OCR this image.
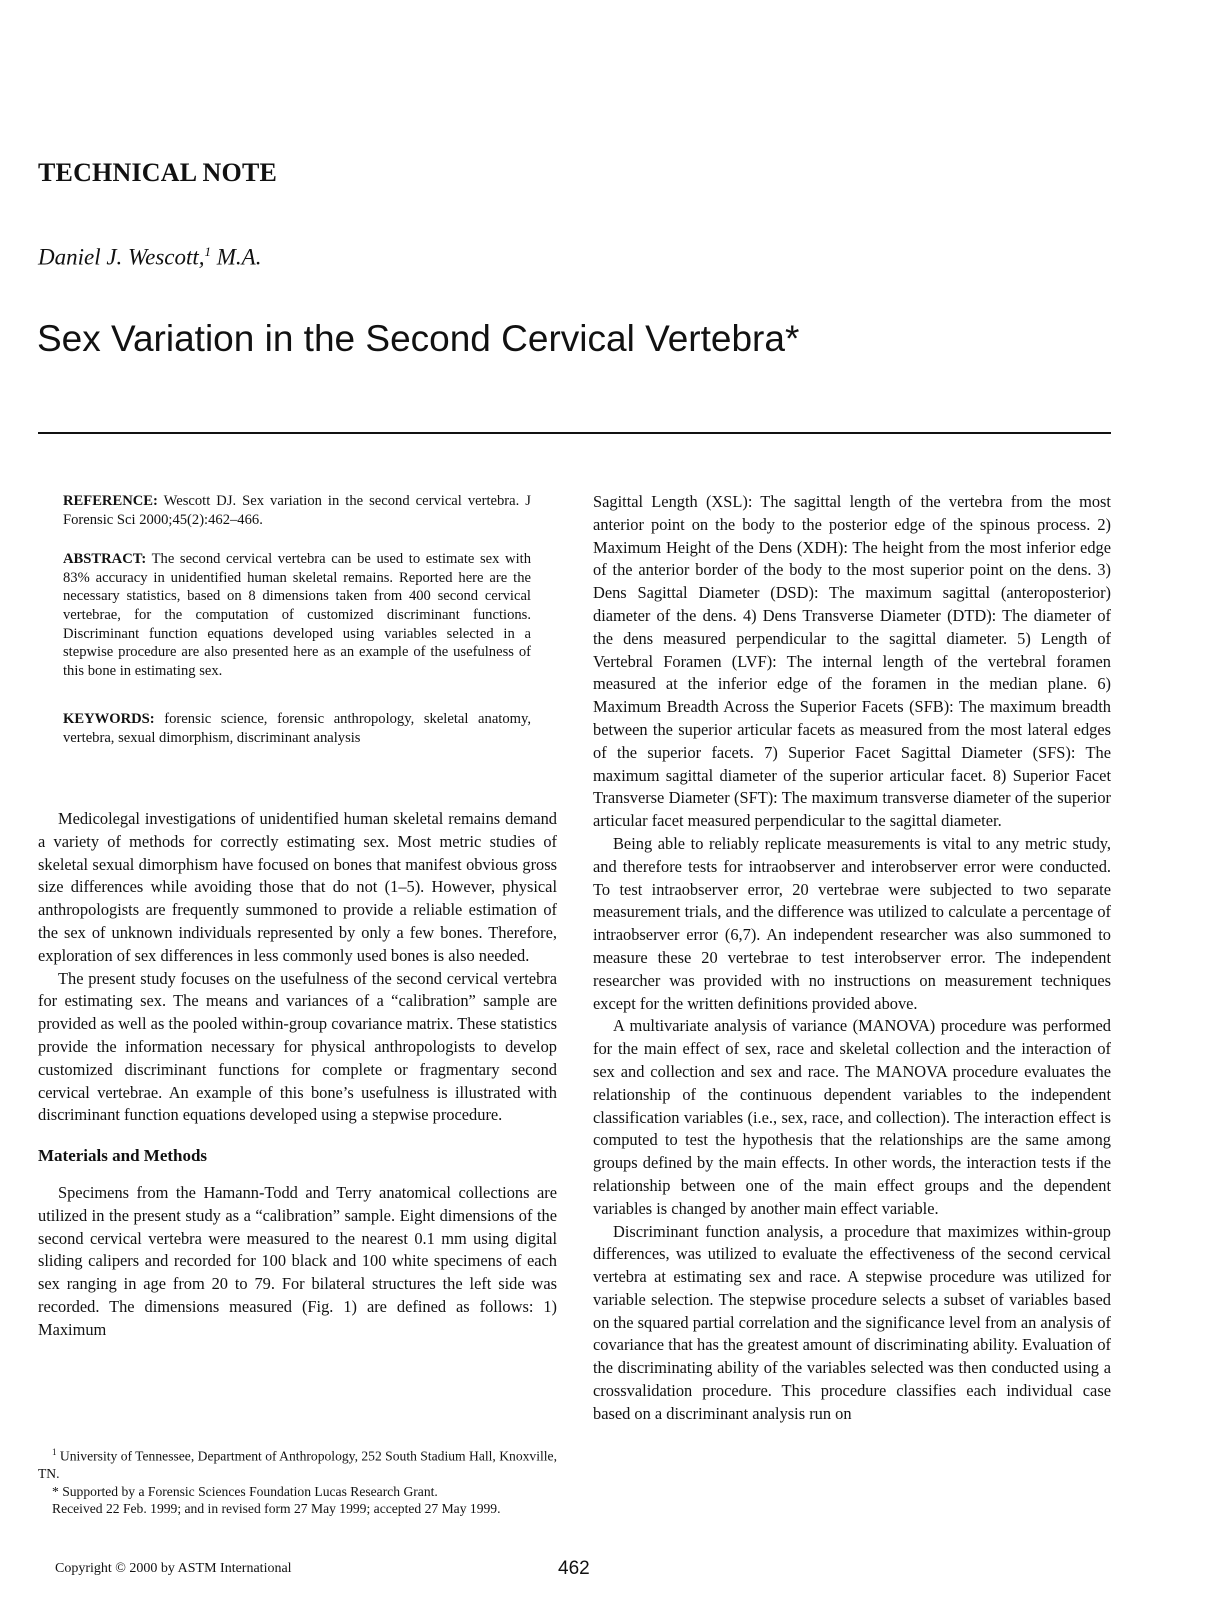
TECHNICAL NOTE
Daniel J. Wescott,$^1$ M.A.
Sex Variation in the Second Cervical Vertebra*

REFERENCE: Wescott DJ. Sex variation in the second cervical vertebra. J Forensic Sci 2000;45(2):462–466.

ABSTRACT: The second cervical vertebra can be used to estimate sex with 83% accuracy in unidentified human skeletal remains. Reported here are the necessary statistics, based on 8 dimensions taken from 400 second cervical vertebrae, for the computation of customized discriminant functions. Discriminant function equations developed using variables selected in a stepwise procedure are also presented here as an example of the usefulness of this bone in estimating sex.

KEYWORDS: forensic science, forensic anthropology, skeletal anatomy, vertebra, sexual dimorphism, discriminant analysis

Medicolegal investigations of unidentified human skeletal remains demand a variety of methods for correctly estimating sex. Most metric studies of skeletal sexual dimorphism have focused on bones that manifest obvious gross size differences while avoiding those that do not (1–5). However, physical anthropologists are frequently summoned to provide a reliable estimation of the sex of unknown individuals represented by only a few bones. Therefore, exploration of sex differences in less commonly used bones is also needed.

The present study focuses on the usefulness of the second cervical vertebra for estimating sex. The means and variances of a “calibration” sample are provided as well as the pooled within-group covariance matrix. These statistics provide the information necessary for physical anthropologists to develop customized discriminant functions for complete or fragmentary second cervical vertebrae. An example of this bone’s usefulness is illustrated with discriminant function equations developed using a stepwise procedure.

Materials and Methods

Specimens from the Hamann-Todd and Terry anatomical collections are utilized in the present study as a “calibration” sample. Eight dimensions of the second cervical vertebra were measured to the nearest 0.1 mm using digital sliding calipers and recorded for 100 black and 100 white specimens of each sex ranging in age from 20 to 79. For bilateral structures the left side was recorded. The dimensions measured (Fig. 1) are defined as follows: 1) Maximum

$^1$ University of Tennessee, Department of Anthropology, 252 South Stadium Hall, Knoxville, TN.

* Supported by a Forensic Sciences Foundation Lucas Research Grant.

Received 22 Feb. 1999; and in revised form 27 May 1999; accepted 27 May 1999.

Sagittal Length (XSL): The sagittal length of the vertebra from the most anterior point on the body to the posterior edge of the spinous process. 2) Maximum Height of the Dens (XDH): The height from the most inferior edge of the anterior border of the body to the most superior point on the dens. 3) Dens Sagittal Diameter (DSD): The maximum sagittal (anteroposterior) diameter of the dens. 4) Dens Transverse Diameter (DTD): The diameter of the dens measured perpendicular to the sagittal diameter. 5) Length of Vertebral Foramen (LVF): The internal length of the vertebral foramen measured at the inferior edge of the foramen in the median plane. 6) Maximum Breadth Across the Superior Facets (SFB): The maximum breadth between the superior articular facets as measured from the most lateral edges of the superior facets. 7) Superior Facet Sagittal Diameter (SFS): The maximum sagittal diameter of the superior articular facet. 8) Superior Facet Transverse Diameter (SFT): The maximum transverse diameter of the superior articular facet measured perpendicular to the sagittal diameter.

Being able to reliably replicate measurements is vital to any metric study, and therefore tests for intraobserver and interobserver error were conducted. To test intraobserver error, 20 vertebrae were subjected to two separate measurement trials, and the difference was utilized to calculate a percentage of intraobserver error (6,7). An independent researcher was also summoned to measure these 20 vertebrae to test interobserver error. The independent researcher was provided with no instructions on measurement techniques except for the written definitions provided above.

A multivariate analysis of variance (MANOVA) procedure was performed for the main effect of sex, race and skeletal collection and the interaction of sex and collection and sex and race. The MANOVA procedure evaluates the relationship of the continuous dependent variables to the independent classification variables (i.e., sex, race, and collection). The interaction effect is computed to test the hypothesis that the relationships are the same among groups defined by the main effects. In other words, the interaction tests if the relationship between one of the main effect groups and the dependent variables is changed by another main effect variable.

Discriminant function analysis, a procedure that maximizes within-group differences, was utilized to evaluate the effectiveness of the second cervical vertebra at estimating sex and race. A stepwise procedure was utilized for variable selection. The stepwise procedure selects a subset of variables based on the squared partial correlation and the significance level from an analysis of covariance that has the greatest amount of discriminating ability. Evaluation of the discriminating ability of the variables selected was then conducted using a crossvalidation procedure. This procedure classifies each individual case based on a discriminant analysis run on

Copyright © 2000 by ASTM International	462
